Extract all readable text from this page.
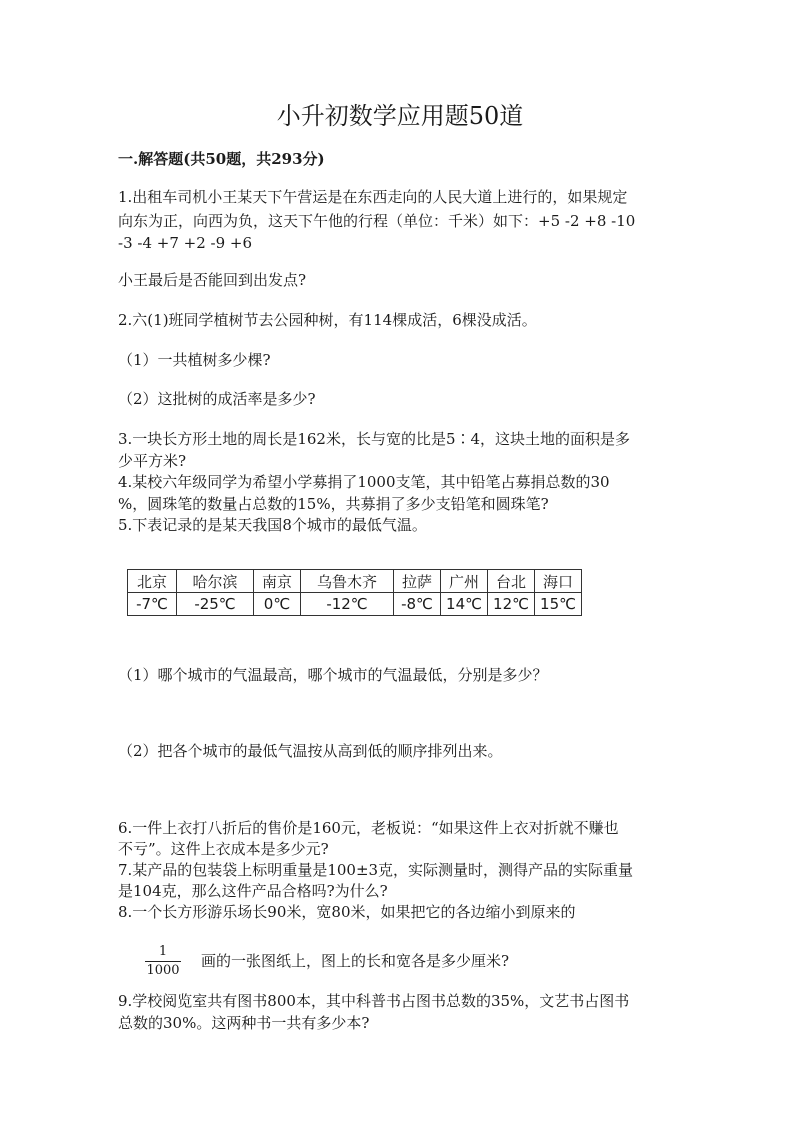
小升初数学应用题50道
一.解答题(共50题，共293分)
1.出租车司机小王某天下午营运是在东西走向的人民大道上进行的，如果规定
向东为正，向西为负，这天下午他的行程（单位：千米）如下：+5 -2 +8 -10
-3 -4 +7 +2 -9 +6
小王最后是否能回到出发点?
2.六(1)班同学植树节去公园种树，有114棵成活，6棵没成活。
（1）一共植树多少棵?
（2）这批树的成活率是多少?
3.一块长方形土地的周长是162米，长与宽的比是5∶4，这块土地的面积是多
少平方米?
4.某校六年级同学为希望小学募捐了1000支笔，其中铅笔占募捐总数的30
%，圆珠笔的数量占总数的15%，共募捐了多少支铅笔和圆珠笔?
5.下表记录的是某天我国8个城市的最低气温。
北京	哈尔滨	南京	乌鲁木齐	拉萨	广州	台北	海口
-7℃	-25℃	0℃	-12℃	-8℃	14℃	12℃	15℃
（1）哪个城市的气温最高，哪个城市的气温最低，分别是多少？
（2）把各个城市的最低气温按从高到低的顺序排列出来。
6.一件上衣打八折后的售价是160元，老板说：“如果这件上衣对折就不赚也
不亏”。这件上衣成本是多少元?
7.某产品的包装袋上标明重量是100±3克，实际测量时，测得产品的实际重量
是104克，那么这件产品合格吗?为什么?
8.一个长方形游乐场长90米，宽80米，如果把它的各边缩小到原来的
1
1000
画的一张图纸上，图上的长和宽各是多少厘米?
9.学校阅览室共有图书800本，其中科普书占图书总数的35%，文艺书占图书
总数的30%。这两种书一共有多少本?
